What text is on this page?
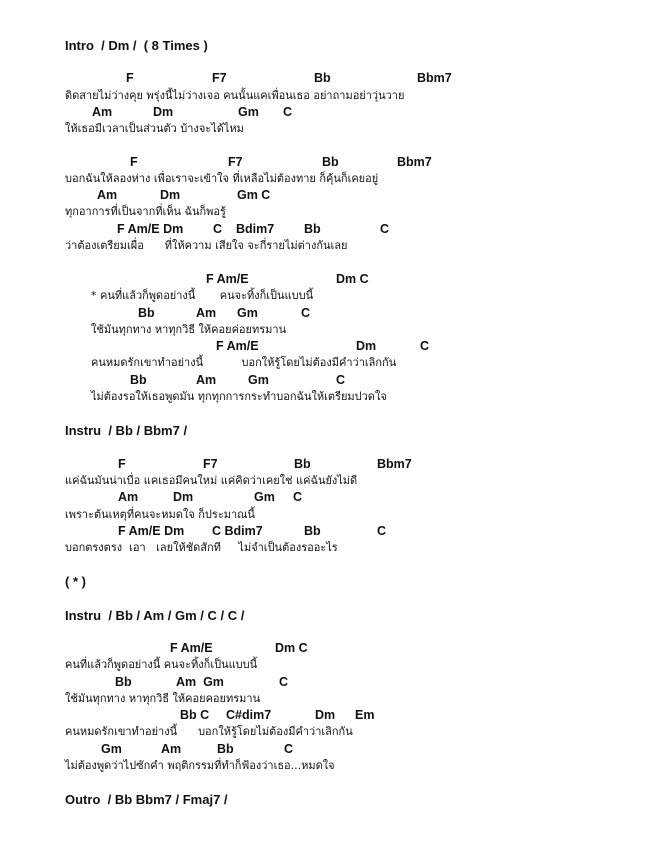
Intro  / Dm /  ( 8 Times )
F	F7	Bb	Bbm7
ดิดสายไม่ว่างคุย พรุ่งนี้ไม่ว่างเจอ คนนั้นแคเพื่อนเธอ อย่าถามอย่าวุ่นวาย
Am	Dm	Gm C
ให้เธอมีเวลาเป็นส่วนตัว บ้างจะได้ไหม
F	F7	Bb	Bbm7
บอกฉันให้ลองห่าง เพื่อเราจะเข้าใจ ที่เหลือไม่ต้องทาย ก็คุ้นก็เคยอยู่
Am	Dm	Gm C
ทุกอาการที่เป็นจากที่เห็น ฉันก็พอรู้
F Am/E Dm C Bdim7 Bb	C
ว่าต้องเตรียมเผื่อ      ที่ให้ความ เสียใจ จะกี่รายไม่ต่างกันเลย
F Am/E	Dm C
* คนที่แล้วก็พูดอย่างนี้       คนจะทิ้งก็เป็นแบบนี้
Bb	Am Gm	C
ใช้มันทุกทาง หาทุกวิธี ให้คอยค่อยทรมาน
F Am/E	Dm	C
คนหมดรักเขาทำอย่างนี้           บอกให้รู้โดยไม่ต้องมีคำว่าเลิกกัน
Bb	Am	Gm	C
ไม่ต้องรอให้เธอพูดมัน ทุกทุกการกระทำบอกฉันให้เตรียมปวดใจ
Instru  / Bb / Bbm7 /
F	F7	Bb	Bbm7
แค่ฉันมันน่าเบื่อ แคเธอมีคนใหม่ แค่คิดว่าเคยใช่ แค่ฉันยังไม่ดี
Am	Dm	Gm C
เพราะต้นเหตุที่คนจะหมดใจ ก็ประมาณนี้
F Am/E Dm C Bdim7	Bb	C
บอกตรงตรง  เอา   เลยให้ชัดสักที     ไม่จำเป็นต้องรออะไร
( * )
Instru  / Bb / Am / Gm / C / C /
F Am/E	Dm C
คนที่แล้วก็พูดอย่างนี้ คนจะทิ้งก็เป็นแบบนี้
Bb	Am  Gm	C
ใช้มันทุกทาง หาทุกวิธี ให้คอยคอยทรมาน
Bb C C#dim7	Dm Em
คนหมดรักเขาทำอย่างนี้      บอกให้รู้โดยไม่ต้องมีคำว่าเลิกกัน
Gm	Am	Bb	C
ไม่ต้องพูดว่าไปซักคำ พฤติกรรมที่ทำก็ฟ้องว่าเธอ...หมดใจ
Outro  / Bb Bbm7 / Fmaj7 /
